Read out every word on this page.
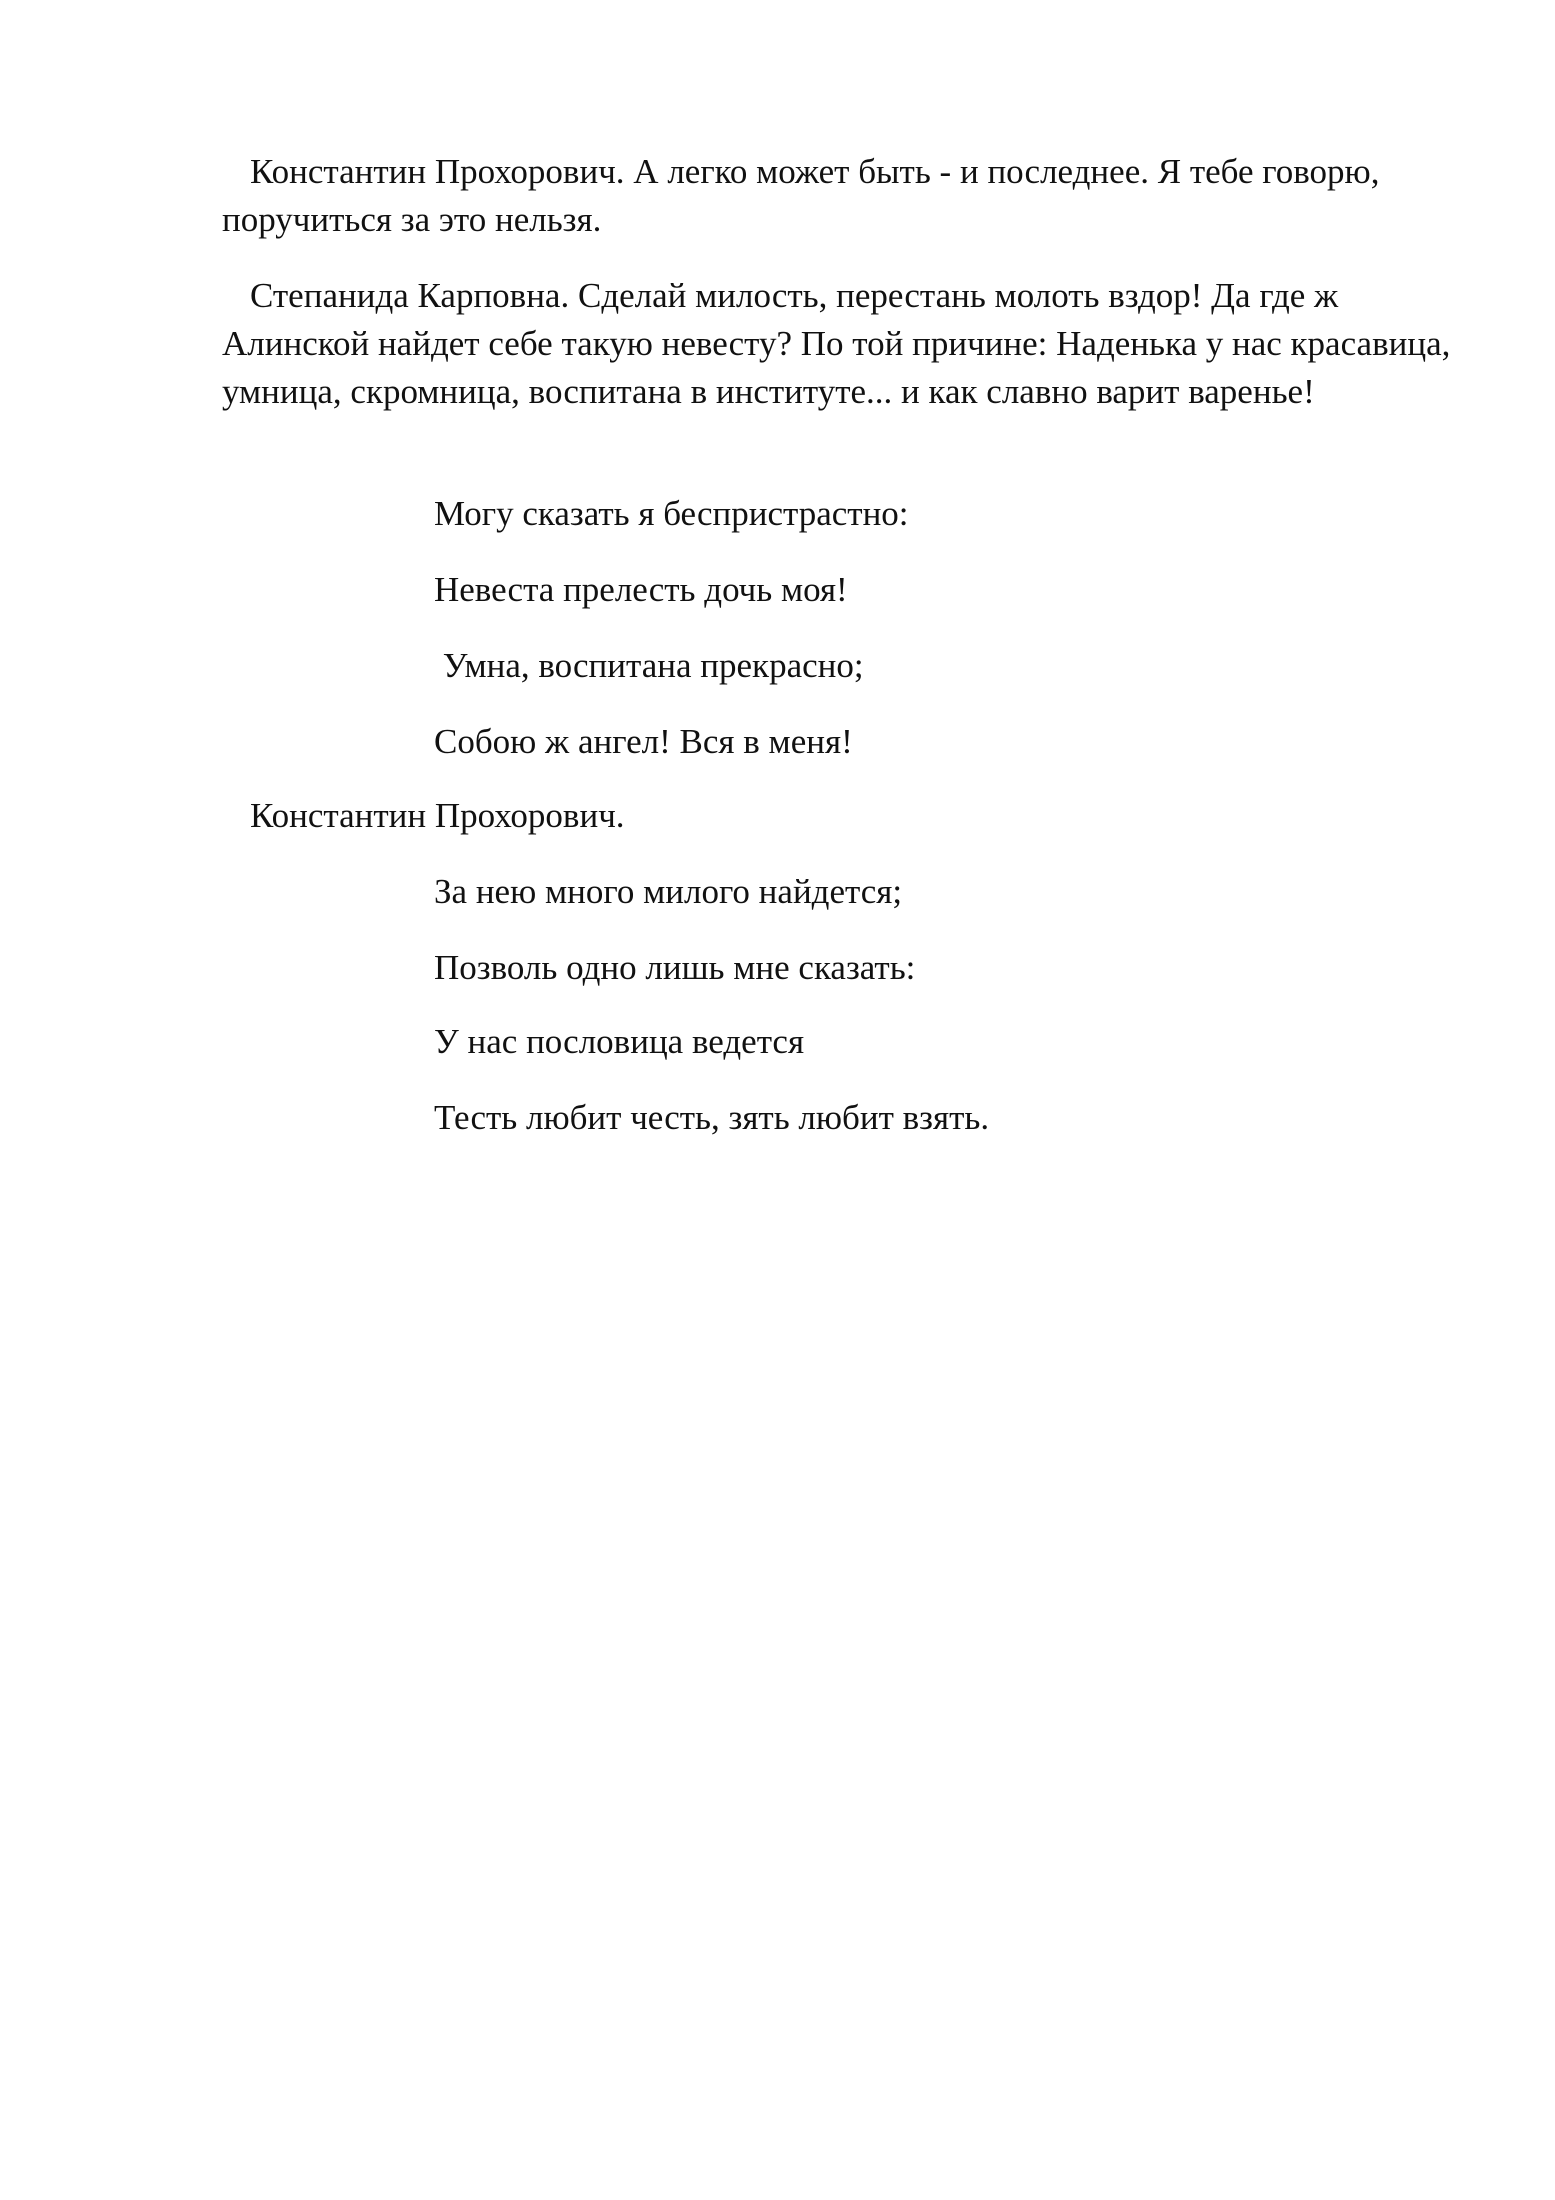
Константин Прохорович. А легко может быть - и последнее. Я тебе говорю, поручиться за это нельзя.

Степанида Карповна. Сделай милость, перестань молоть вздор! Да где ж Алинской найдет себе такую невесту? По той причине: Наденька у нас красавица, умница, скромница, воспитана в институте... и как славно варит варенье!

Могу сказать я беспристрастно:

Невеста прелесть дочь моя!

Умна, воспитана прекрасно;

Собою ж ангел! Вся в меня!

Константин Прохорович.

За нею много милого найдется;

Позволь одно лишь мне сказать:

У нас пословица ведется

Тесть любит честь, зять любит взять.
